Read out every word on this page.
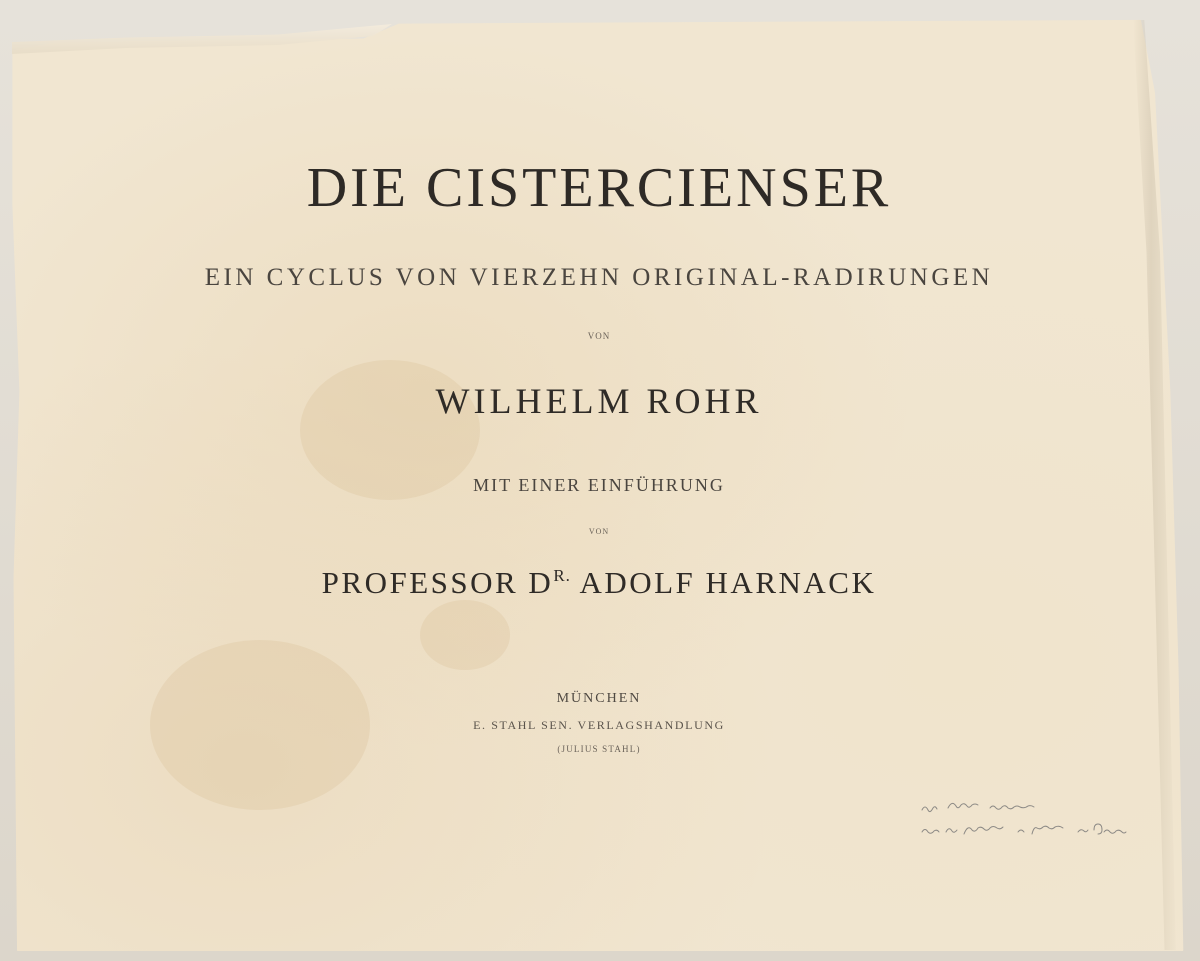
DIE CISTERCIENSER
EIN CYCLUS VON VIERZEHN ORIGINAL-RADIRUNGEN
VON
WILHELM ROHR
MIT EINER EINFÜHRUNG
VON
PROFESSOR $D^{R.}$ ADOLF HARNACK
MÜNCHEN
E. STAHL SEN. VERLAGSHANDLUNG
(JULIUS STAHL)
